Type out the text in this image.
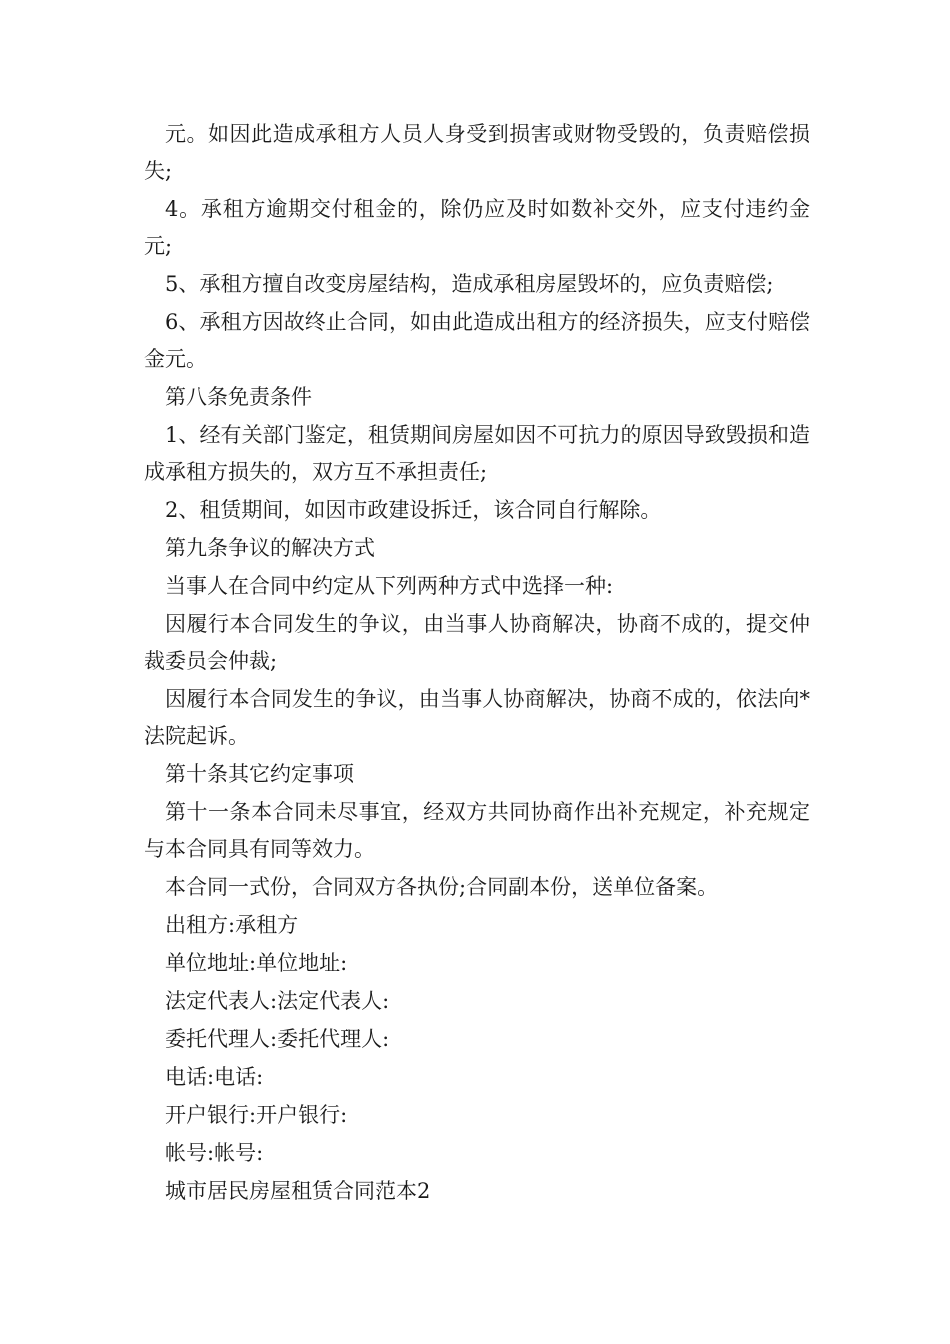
元。如因此造成承租方人员人身受到损害或财物受毁的，负责赔偿损失;

4。承租方逾期交付租金的，除仍应及时如数补交外，应支付违约金元;

5、承租方擅自改变房屋结构，造成承租房屋毁坏的，应负责赔偿;

6、承租方因故终止合同，如由此造成出租方的经济损失，应支付赔偿金元。

第八条免责条件

1、经有关部门鉴定，租赁期间房屋如因不可抗力的原因导致毁损和造成承租方损失的，双方互不承担责任;

2、租赁期间，如因市政建设拆迁，该合同自行解除。

第九条争议的解决方式

当事人在合同中约定从下列两种方式中选择一种:

因履行本合同发生的争议，由当事人协商解决，协商不成的，提交仲裁委员会仲裁;

因履行本合同发生的争议，由当事人协商解决，协商不成的，依法向*法院起诉。

第十条其它约定事项

第十一条本合同未尽事宜，经双方共同协商作出补充规定，补充规定与本合同具有同等效力。

本合同一式份，合同双方各执份;合同副本份，送单位备案。

出租方:承租方

单位地址:单位地址:

法定代表人:法定代表人:

委托代理人:委托代理人:

电话:电话:

开户银行:开户银行:

帐号:帐号:

城市居民房屋租赁合同范本2
